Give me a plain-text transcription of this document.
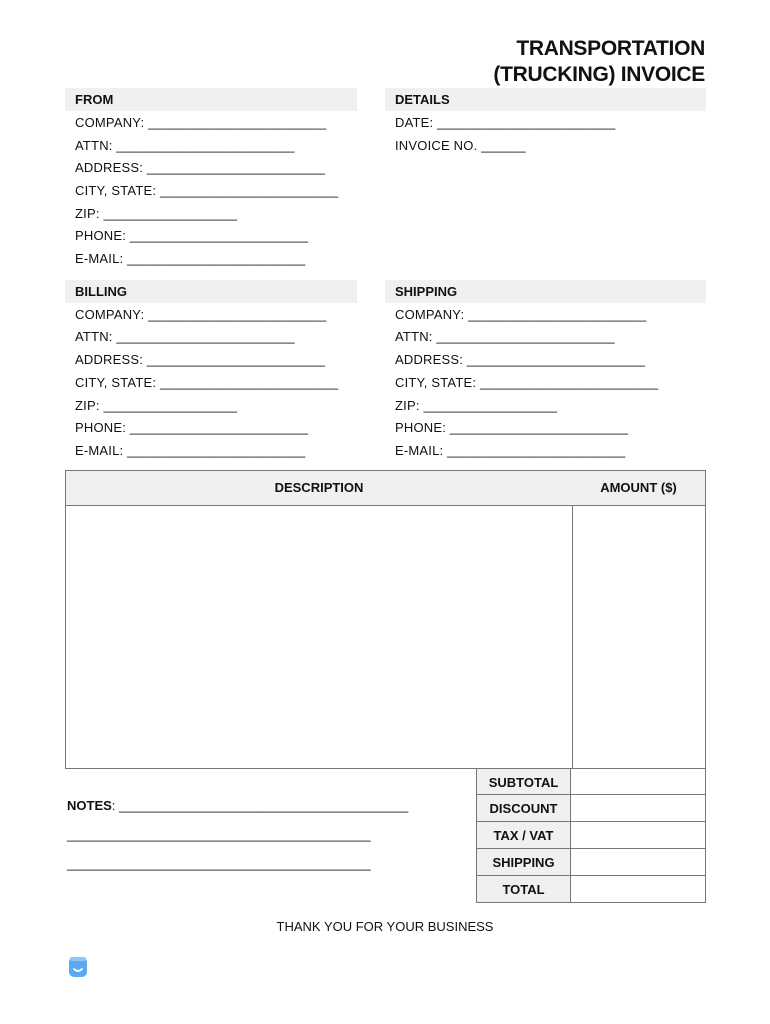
TRANSPORTATION
(TRUCKING) INVOICE
FROM
COMPANY: ________________________
ATTN: ________________________
ADDRESS: ________________________
CITY, STATE: ________________________
ZIP: __________________
PHONE: ________________________
E-MAIL: ________________________
DETAILS
DATE: ________________________
INVOICE NO. ______
BILLING
COMPANY: ________________________
ATTN: ________________________
ADDRESS: ________________________
CITY, STATE: ________________________
ZIP: __________________
PHONE: ________________________
E-MAIL: ________________________
SHIPPING
COMPANY: ________________________
ATTN: ________________________
ADDRESS: ________________________
CITY, STATE: ________________________
ZIP: __________________
PHONE: ________________________
E-MAIL: ________________________
DESCRIPTION	AMOUNT ($)
SUBTOTAL
DISCOUNT
TAX / VAT
SHIPPING
TOTAL
NOTES: ________________________________________
__________________________________________
__________________________________________
THANK YOU FOR YOUR BUSINESS
